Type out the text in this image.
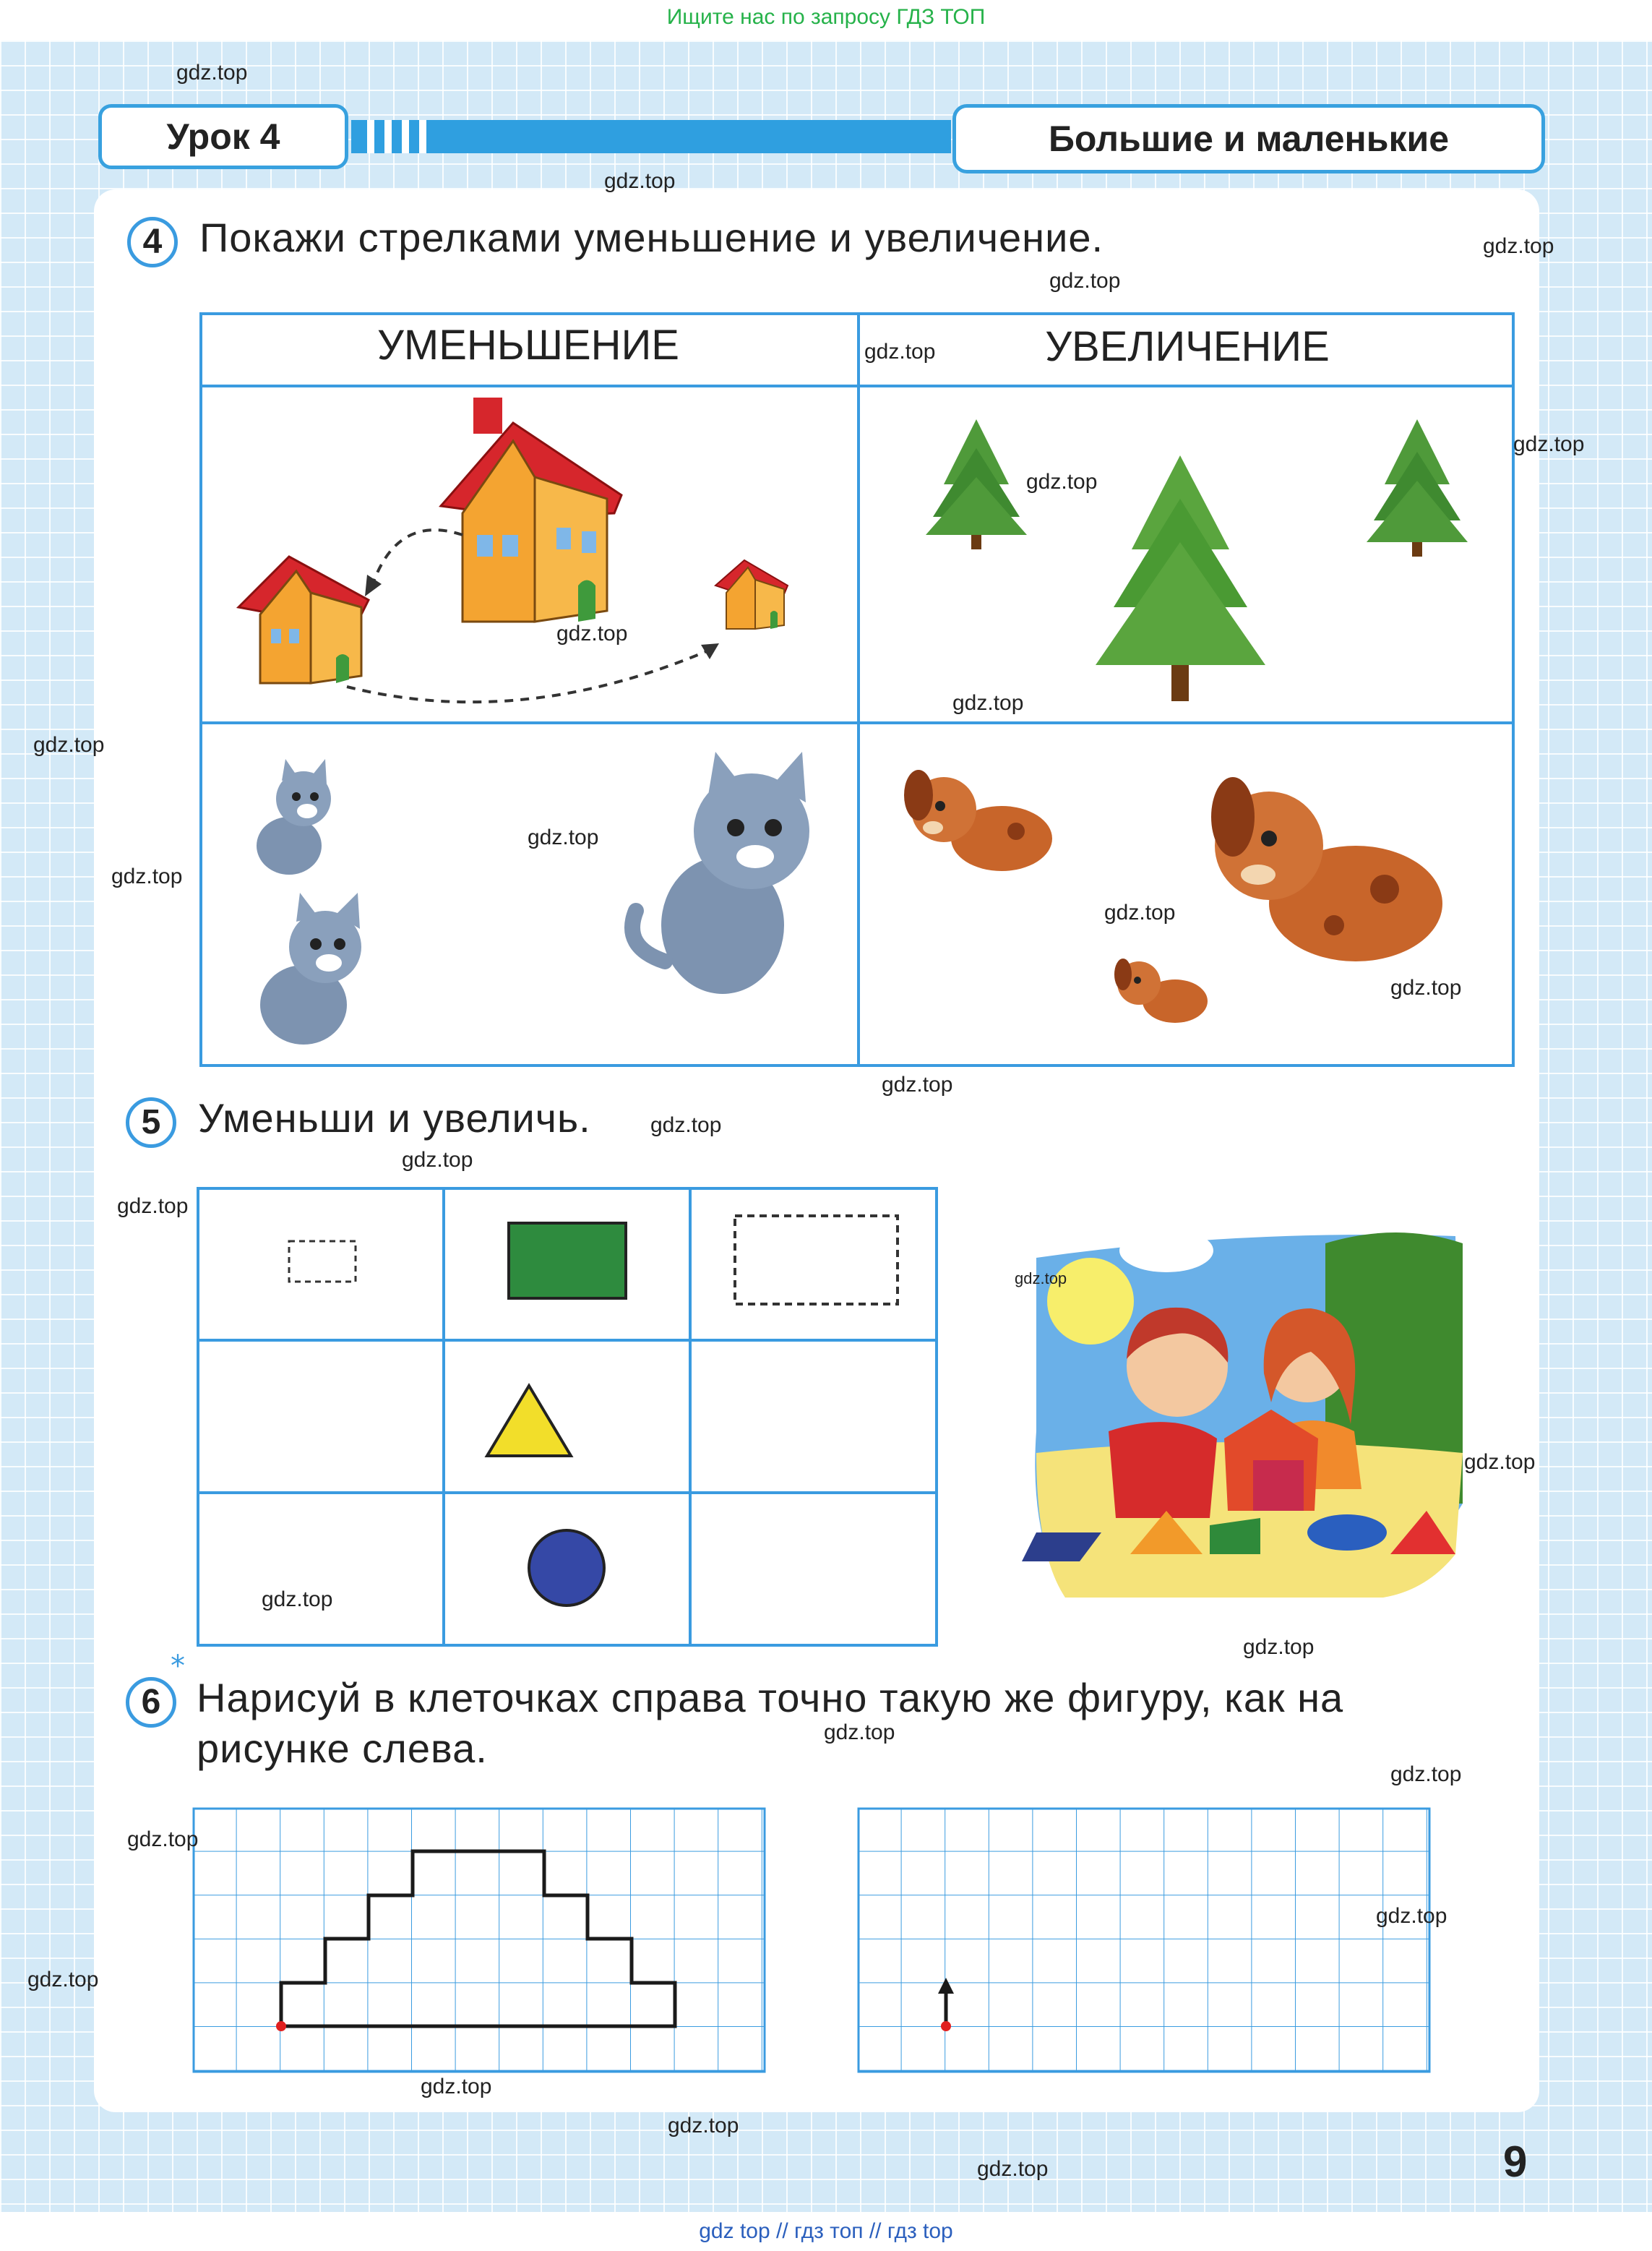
Ищите нас по запросу ГДЗ ТОП
Урок 4	Большие и маленькие
4 Покажи стрелками уменьшение и увеличение.
УМЕНЬШЕНИЕ	УВЕЛИЧЕНИЕ
5 Уменьши и увеличь.
*
6 Нарисуй в клеточках справа точно такую же фигуру, как на
рисунке слева.
9
gdz.top
gdz.top
gdz.top
gdz.top
gdz.top
gdz.top
gdz.top
gdz.top
gdz.top
gdz.top
gdz.top
gdz.top
gdz.top
gdz.top
gdz.top
gdz.top
gdz.top
gdz.top
gdz.top
gdz.top
gdz.top
gdz.top
gdz.top
gdz.top
gdz.top
gdz.top
gdz.top
gdz.top
gdz.top
gdz.top
gdz top // гдз топ // гдз top
